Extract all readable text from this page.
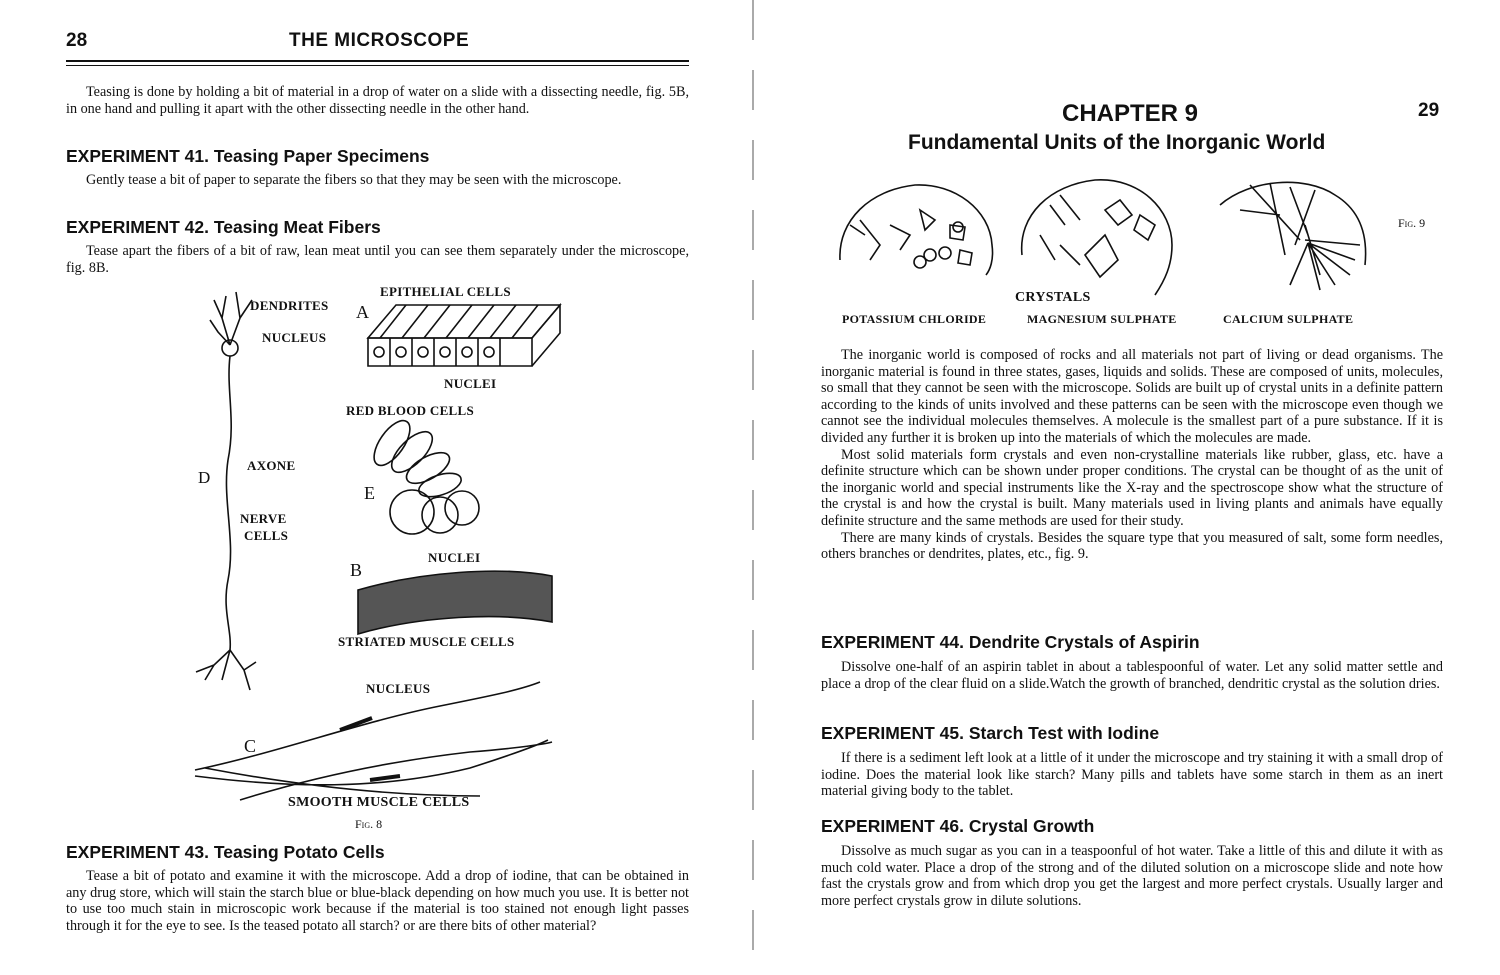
28	THE MICROSCOPE

Teasing is done by holding a bit of material in a drop of water on a slide with a dissecting needle, fig. 5B, in one hand and pulling it apart with the other dissecting needle in the other hand.

EXPERIMENT 41. Teasing Paper Specimens

Gently tease a bit of paper to separate the fibers so that they may be seen with the microscope.

EXPERIMENT 42. Teasing Meat Fibers

Tease apart the fibers of a bit of raw, lean meat until you can see them separately under the microscope, fig. 8B.

DENDRITES
NUCLEUS
AXONE
D
NERVE
CELLS
EPITHELIAL CELLS
A
NUCLEI
RED BLOOD CELLS
E
B
NUCLEI
STRIATED MUSCLE CELLS
NUCLEUS
C
SMOOTH MUSCLE CELLS
Fig. 8

EXPERIMENT 43. Teasing Potato Cells

Tease a bit of potato and examine it with the microscope. Add a drop of iodine, that can be obtained in any drug store, which will stain the starch blue or blue-black depending on how much you use. It is better not to use too much stain in microscopic work because if the material is too stained not enough light passes through it for the eye to see. Is the teased potato all starch? or are there bits of other material?

CHAPTER 9	29
Fundamental Units of the Inorganic World
Fig. 9
CRYSTALS
POTASSIUM CHLORIDE	MAGNESIUM SULPHATE	CALCIUM SULPHATE

The inorganic world is composed of rocks and all materials not part of living or dead organisms. The inorganic material is found in three states, gases, liquids and solids. These are composed of units, molecules, so small that they cannot be seen with the microscope. Solids are built up of crystal units in a definite pattern according to the kinds of units involved and these patterns can be seen with the microscope even though we cannot see the individual molecules themselves. A molecule is the smallest part of a pure substance. If it is divided any further it is broken up into the materials of which the molecules are made.

Most solid materials form crystals and even non-crystalline materials like rubber, glass, etc. have a definite structure which can be shown under proper conditions. The crystal can be thought of as the unit of the inorganic world and special instruments like the X-ray and the spectroscope show what the structure of the crystal is and how the crystal is built. Many materials used in living plants and animals have equally definite structure and the same methods are used for their study.

There are many kinds of crystals. Besides the square type that you measured of salt, some form needles, others branches or dendrites, plates, etc., fig. 9.

EXPERIMENT 44. Dendrite Crystals of Aspirin

Dissolve one-half of an aspirin tablet in about a tablespoonful of water. Let any solid matter settle and place a drop of the clear fluid on a slide.Watch the growth of branched, dendritic crystal as the solution dries.

EXPERIMENT 45. Starch Test with Iodine

If there is a sediment left look at a little of it under the microscope and try staining it with a small drop of iodine. Does the material look like starch? Many pills and tablets have some starch in them as an inert material giving body to the tablet.

EXPERIMENT 46. Crystal Growth

Dissolve as much sugar as you can in a teaspoonful of hot water. Take a little of this and dilute it with as much cold water. Place a drop of the strong and of the diluted solution on a microscope slide and note how fast the crystals grow and from which drop you get the largest and more perfect crystals. Usually larger and more perfect crystals grow in dilute solutions.
